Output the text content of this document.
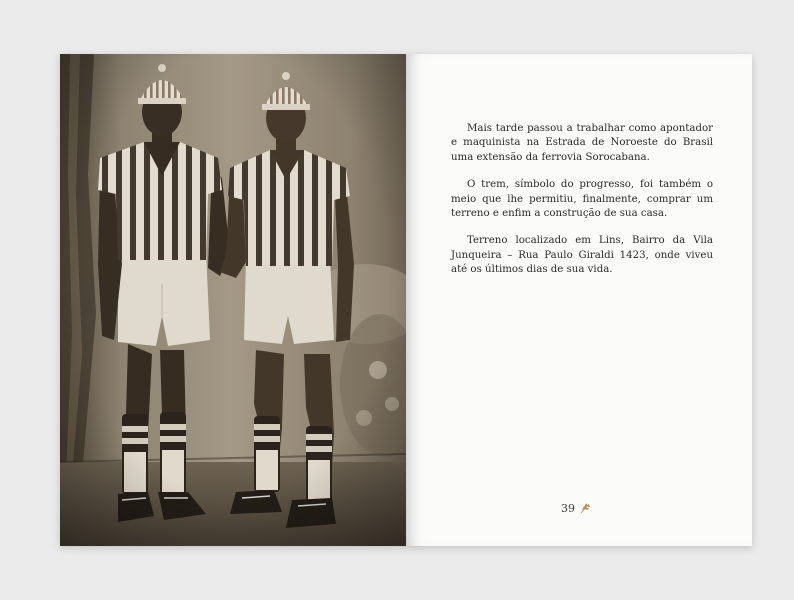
Mais tarde passou a trabalhar como apontador e maquinista na Estrada de Noroeste do Brasil uma extensão da ferrovia Sorocabana.

O trem, símbolo do progresso, foi também o meio que lhe permitiu, finalmente, comprar um terreno e enfim a construção de sua casa.

Terreno localizado em Lins, Bairro da Vila Junqueira – Rua Paulo Giraldi 1423, onde viveu até os últimos dias de sua vida.

39
